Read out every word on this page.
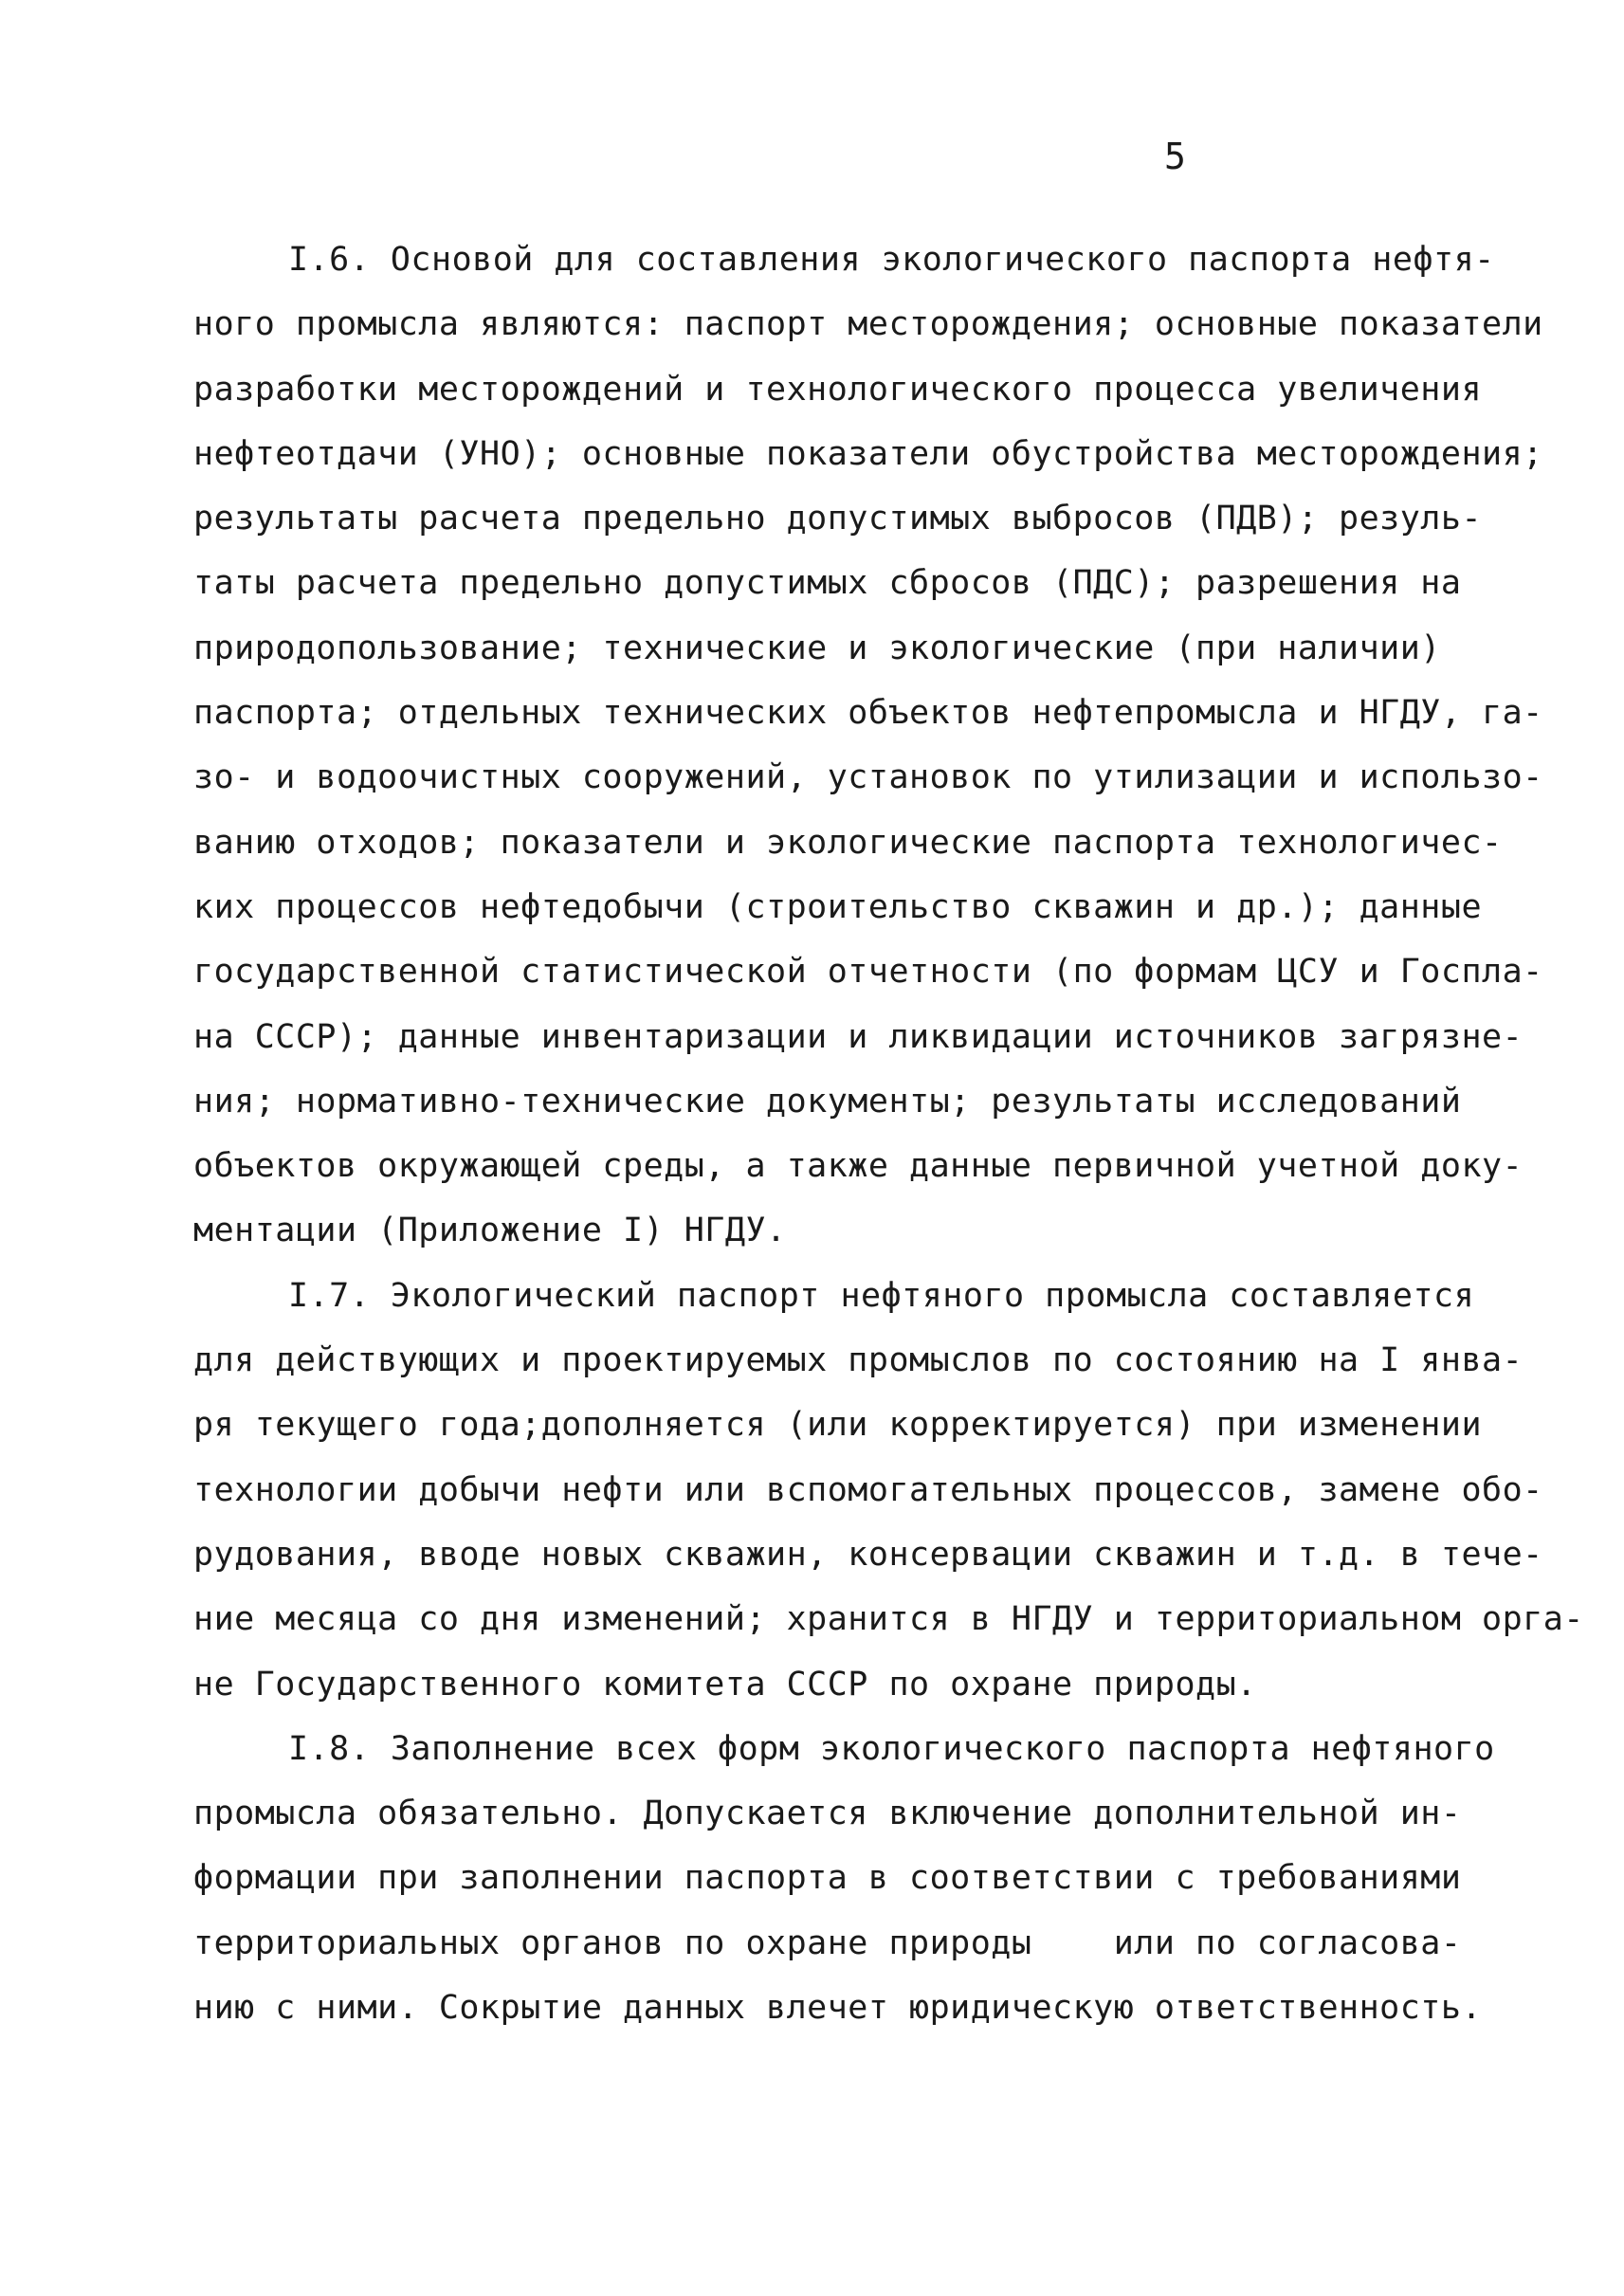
5
I.6. Основой для составления экологического паспорта нефтя-
ного промысла являются: паспорт месторождения; основные показатели
разработки месторождений и технологического процесса увеличения
нефтеотдачи (УНО); основные показатели обустройства месторождения;
результаты расчета предельно допустимых выбросов (ПДВ); резуль-
таты расчета предельно допустимых сбросов (ПДС); разрешения на
природопользование; технические и экологические (при наличии)
паспорта; отдельных технических объектов нефтепромысла и НГДУ, га-
зо- и водоочистных сооружений, установок по утилизации и использо-
ванию отходов; показатели и экологические паспорта технологичес-
ких процессов нефтедобычи (строительство скважин и др.); данные
государственной статистической отчетности (по формам ЦСУ и Госпла-
на СССР); данные инвентаризации и ликвидации источников загрязне-
ния; нормативно-технические документы; результаты исследований
объектов окружающей среды, а также данные первичной учетной доку-
ментации (Приложение I) НГДУ.
I.7. Экологический паспорт нефтяного промысла составляется
для действующих и проектируемых промыслов по состоянию на I янва-
ря текущего года;дополняется (или корректируется) при изменении
технологии добычи нефти или вспомогательных процессов, замене обо-
рудования, вводе новых скважин, консервации скважин и т.д. в тече-
ние месяца со дня изменений; хранится в НГДУ и территориальном орга-
не Государственного комитета СССР по охране природы.
I.8. Заполнение всех форм экологического паспорта нефтяного
промысла обязательно. Допускается включение дополнительной ин-
формации при заполнении паспорта в соответствии с требованиями
территориальных органов по охране природы    или по согласова-
нию с ними. Сокрытие данных влечет юридическую ответственность.
